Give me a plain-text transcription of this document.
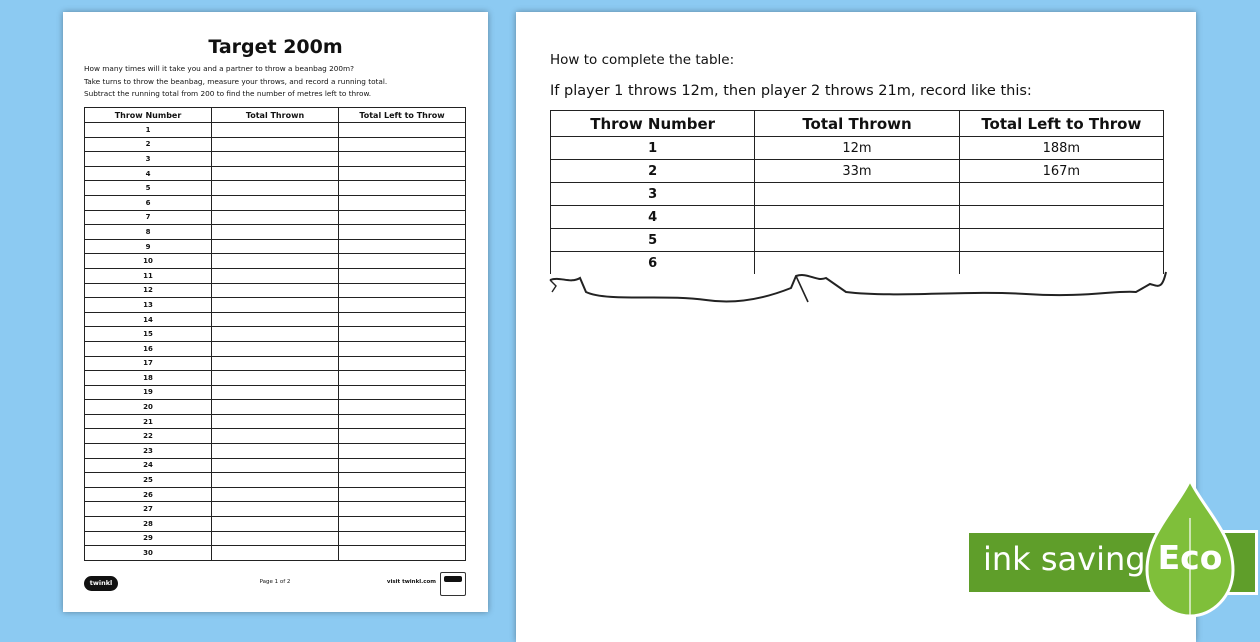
Target 200m
How many times will it take you and a partner to throw a beanbag 200m?
Take turns to throw the beanbag, measure your throws, and record a running total.
Subtract the running total from 200 to find the number of metres left to throw.
Throw Number	Total Thrown	Total Left to Throw
1		
2		
3		
4		
5		
6		
7		
8		
9		
10		
11		
12		
13		
14		
15		
16		
17		
18		
19		
20		
21		
22		
23		
24		
25		
26		
27		
28		
29		
30		
twinkl	Page 1 of 2	visit twinkl.com
How to complete the table:
If player 1 throws 12m, then player 2 throws 21m, record like this:
Throw Number	Total Thrown	Total Left to Throw
1	12m	188m
2	33m	167m
3		
4		
5		
6		
ink saving Eco
